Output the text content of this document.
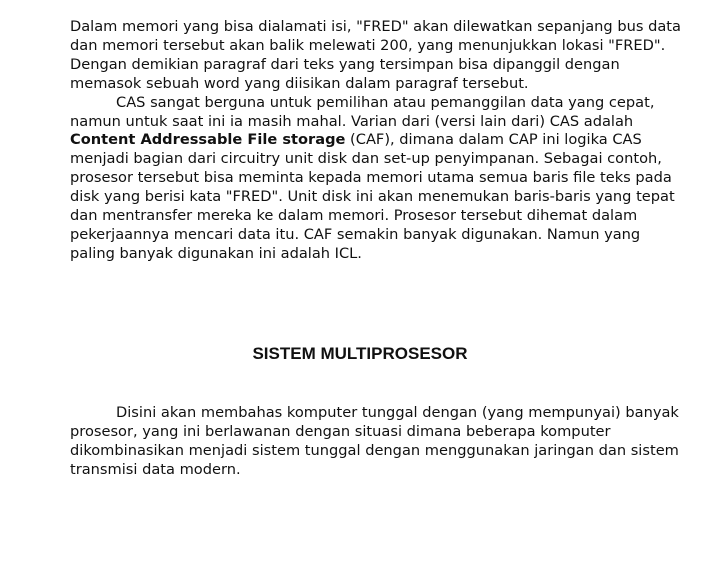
Dalam memori yang bisa dialamati isi, "FRED" akan dilewatkan sepanjang bus data dan memori tersebut akan balik melewati 200, yang menunjukkan lokasi "FRED". Dengan demikian paragraf dari teks yang tersimpan bisa dipanggil dengan memasok sebuah word yang diisikan dalam paragraf tersebut.

CAS sangat berguna untuk pemilihan atau pemanggilan data yang cepat, namun untuk saat ini ia masih mahal. Varian dari (versi lain dari) CAS adalah Content Addressable File storage (CAF), dimana dalam CAP ini logika CAS menjadi bagian dari circuitry unit disk dan set-up penyimpanan. Sebagai contoh, prosesor tersebut bisa meminta kepada memori utama semua baris file teks pada disk yang berisi kata "FRED". Unit disk ini akan menemukan baris-baris yang tepat dan mentransfer mereka ke dalam memori. Prosesor tersebut dihemat dalam pekerjaannya mencari data itu. CAF semakin banyak digunakan. Namun yang paling banyak digunakan ini adalah ICL.

SISTEM MULTIPROSESOR

Disini akan membahas komputer tunggal dengan (yang mempunyai) banyak prosesor, yang ini berlawanan dengan situasi dimana beberapa komputer dikombinasikan menjadi sistem tunggal dengan menggunakan jaringan dan sistem transmisi data modern.
